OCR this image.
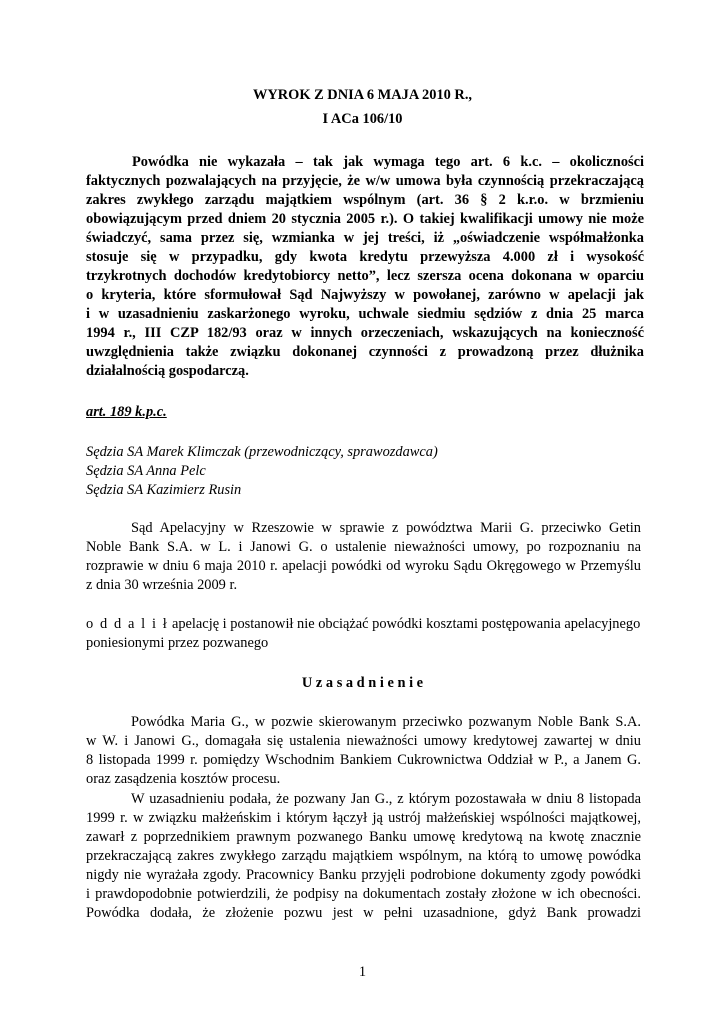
WYROK Z DNIA 6 MAJA 2010 R.,
I ACa 106/10
Powódka nie wykazała – tak jak wymaga tego art. 6 k.c. – okoliczności
faktycznych pozwalających na przyjęcie, że w/w umowa była czynnością przekraczającą
zakres zwykłego zarządu majątkiem wspólnym (art. 36 § 2 k.r.o. w brzmieniu
obowiązującym przed dniem 20 stycznia 2005 r.). O takiej kwalifikacji umowy nie może
świadczyć, sama przez się, wzmianka w jej treści, iż „oświadczenie współmałżonka
stosuje się w przypadku, gdy kwota kredytu przewyższa 4.000 zł i wysokość
trzykrotnych dochodów kredytobiorcy netto”, lecz szersza ocena dokonana w oparciu
o kryteria, które sformułował Sąd Najwyższy w powołanej, zarówno w apelacji jak
i w uzasadnieniu zaskarżonego wyroku, uchwale siedmiu sędziów z dnia 25 marca
1994 r., III CZP 182/93 oraz w innych orzeczeniach, wskazujących na konieczność
uwzględnienia także związku dokonanej czynności z prowadzoną przez dłużnika
działalnością gospodarczą.
art. 189 k.p.c.
Sędzia SA Marek Klimczak (przewodniczący, sprawozdawca)
Sędzia SA Anna Pelc
Sędzia SA Kazimierz Rusin
Sąd Apelacyjny w Rzeszowie w sprawie z powództwa Marii G. przeciwko Getin
Noble Bank S.A. w L. i Janowi G. o ustalenie nieważności umowy, po rozpoznaniu na
rozprawie w dniu 6 maja 2010 r. apelacji powódki od wyroku Sądu Okręgowego w Przemyślu
z dnia 30 września 2009 r.
o d d a l i ł apelację i postanowił nie obciążać powódki kosztami postępowania apelacyjnego
poniesionymi przez pozwanego
U z a s a d n i e n i e
Powódka Maria G., w pozwie skierowanym przeciwko pozwanym Noble Bank S.A.
w W. i Janowi G., domagała się ustalenia nieważności umowy kredytowej zawartej w dniu
8 listopada 1999 r. pomiędzy Wschodnim Bankiem Cukrownictwa Oddział w P., a Janem G.
oraz zasądzenia kosztów procesu.
W uzasadnieniu podała, że pozwany Jan G., z którym pozostawała w dniu 8 listopada
1999 r. w związku małżeńskim i którym łączył ją ustrój małżeńskiej wspólności majątkowej,
zawarł z poprzednikiem prawnym pozwanego Banku umowę kredytową na kwotę znacznie
przekraczającą zakres zwykłego zarządu majątkiem wspólnym, na którą to umowę powódka
nigdy nie wyrażała zgody. Pracownicy Banku przyjęli podrobione dokumenty zgody powódki
i prawdopodobnie potwierdzili, że podpisy na dokumentach zostały złożone w ich obecności.
Powódka dodała, że złożenie pozwu jest w pełni uzasadnione, gdyż Bank prowadzi
1
